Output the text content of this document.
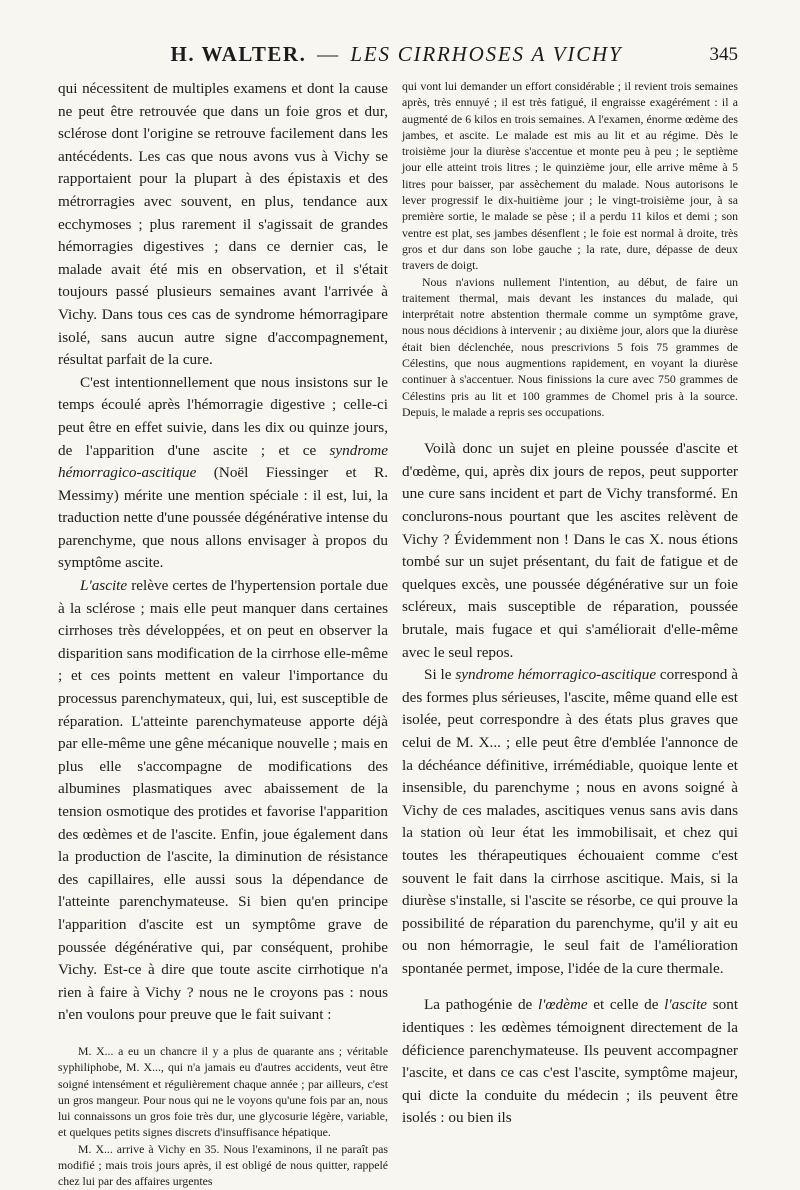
H. WALTER. — LES CIRRHOSES A VICHY	345

qui nécessitent de multiples examens et dont la cause ne peut être retrouvée que dans un foie gros et dur, sclérose dont l'origine se retrouve facilement dans les antécédents. Les cas que nous avons vus à Vichy se rapportaient pour la plupart à des épistaxis et des métrorragies avec souvent, en plus, tendance aux ecchymoses ; plus rarement il s'agissait de grandes hémorragies digestives ; dans ce dernier cas, le malade avait été mis en observation, et il s'était toujours passé plusieurs semaines avant l'arrivée à Vichy. Dans tous ces cas de syndrome hémorragipare isolé, sans aucun autre signe d'accompagnement, résultat parfait de la cure.

C'est intentionnellement que nous insistons sur le temps écoulé après l'hémorragie digestive ; celle-ci peut être en effet suivie, dans les dix ou quinze jours, de l'apparition d'une ascite ; et ce syndrome hémorragico-ascitique (Noël Fiessinger et R. Messimy) mérite une mention spéciale : il est, lui, la traduction nette d'une poussée dégénérative intense du parenchyme, que nous allons envisager à propos du symptôme ascite.

L'ascite relève certes de l'hypertension portale due à la sclérose ; mais elle peut manquer dans certaines cirrhoses très développées, et on peut en observer la disparition sans modification de la cirrhose elle-même ; et ces points mettent en valeur l'importance du processus parenchymateux, qui, lui, est susceptible de réparation. L'atteinte parenchymateuse apporte déjà par elle-même une gêne mécanique nouvelle ; mais en plus elle s'accompagne de modifications des albumines plasmatiques avec abaissement de la tension osmotique des protides et favorise l'apparition des œdèmes et de l'ascite. Enfin, joue également dans la production de l'ascite, la diminution de résistance des capillaires, elle aussi sous la dépendance de l'atteinte parenchymateuse. Si bien qu'en principe l'apparition d'ascite est un symptôme grave de poussée dégénérative qui, par conséquent, prohibe Vichy. Est-ce à dire que toute ascite cirrhotique n'a rien à faire à Vichy ? nous ne le croyons pas : nous n'en voulons pour preuve que le fait suivant :

M. X... a eu un chancre il y a plus de quarante ans ; véritable syphiliphobe, M. X..., qui n'a jamais eu d'autres accidents, veut être soigné intensément et régulièrement chaque année ; par ailleurs, c'est un gros mangeur. Pour nous qui ne le voyons qu'une fois par an, nous lui connaissons un gros foie très dur, une glycosurie légère, variable, et quelques petits signes discrets d'insuffisance hépatique.

M. X... arrive à Vichy en 35. Nous l'examinons, il ne paraît pas modifié ; mais trois jours après, il est obligé de nous quitter, rappelé chez lui par des affaires urgentes

qui vont lui demander un effort considérable ; il revient trois semaines après, très ennuyé ; il est très fatigué, il engraisse exagérément : il a augmenté de 6 kilos en trois semaines. A l'examen, énorme œdème des jambes, et ascite. Le malade est mis au lit et au régime. Dès le troisième jour la diurèse s'accentue et monte peu à peu ; le septième jour elle atteint trois litres ; le quinzième jour, elle arrive même à 5 litres pour baisser, par assèchement du malade. Nous autorisons le lever progressif le dix-huitième jour ; le vingt-troisième jour, à sa première sortie, le malade se pèse ; il a perdu 11 kilos et demi ; son ventre est plat, ses jambes désenflent ; le foie est normal à droite, très gros et dur dans son lobe gauche ; la rate, dure, dépasse de deux travers de doigt.

Nous n'avions nullement l'intention, au début, de faire un traitement thermal, mais devant les instances du malade, qui interprétait notre abstention thermale comme un symptôme grave, nous nous décidions à intervenir ; au dixième jour, alors que la diurèse était bien déclenchée, nous prescrivions 5 fois 75 grammes de Célestins, que nous augmentions rapidement, en voyant la diurèse continuer à s'accentuer. Nous finissions la cure avec 750 grammes de Célestins pris au lit et 100 grammes de Chomel pris à la source. Depuis, le malade a repris ses occupations.

Voilà donc un sujet en pleine poussée d'ascite et d'œdème, qui, après dix jours de repos, peut supporter une cure sans incident et part de Vichy transformé. En conclurons-nous pourtant que les ascites relèvent de Vichy ? Évidemment non ! Dans le cas X. nous étions tombé sur un sujet présentant, du fait de fatigue et de quelques excès, une poussée dégénérative sur un foie scléreux, mais susceptible de réparation, poussée brutale, mais fugace et qui s'améliorait d'elle-même avec le seul repos.

Si le syndrome hémorragico-ascitique correspond à des formes plus sérieuses, l'ascite, même quand elle est isolée, peut correspondre à des états plus graves que celui de M. X... ; elle peut être d'emblée l'annonce de la déchéance définitive, irrémédiable, quoique lente et insensible, du parenchyme ; nous en avons soigné à Vichy de ces malades, ascitiques venus sans avis dans la station où leur état les immobilisait, et chez qui toutes les thérapeutiques échouaient comme c'est souvent le fait dans la cirrhose ascitique. Mais, si la diurèse s'installe, si l'ascite se résorbe, ce qui prouve la possibilité de réparation du parenchyme, qu'il y ait eu ou non hémorragie, le seul fait de l'amélioration spontanée permet, impose, l'idée de la cure thermale.

La pathogénie de l'œdème et celle de l'ascite sont identiques : les œdèmes témoignent directement de la déficience parenchymateuse. Ils peuvent accompagner l'ascite, et dans ce cas c'est l'ascite, symptôme majeur, qui dicte la conduite du médecin ; ils peuvent être isolés : ou bien ils
